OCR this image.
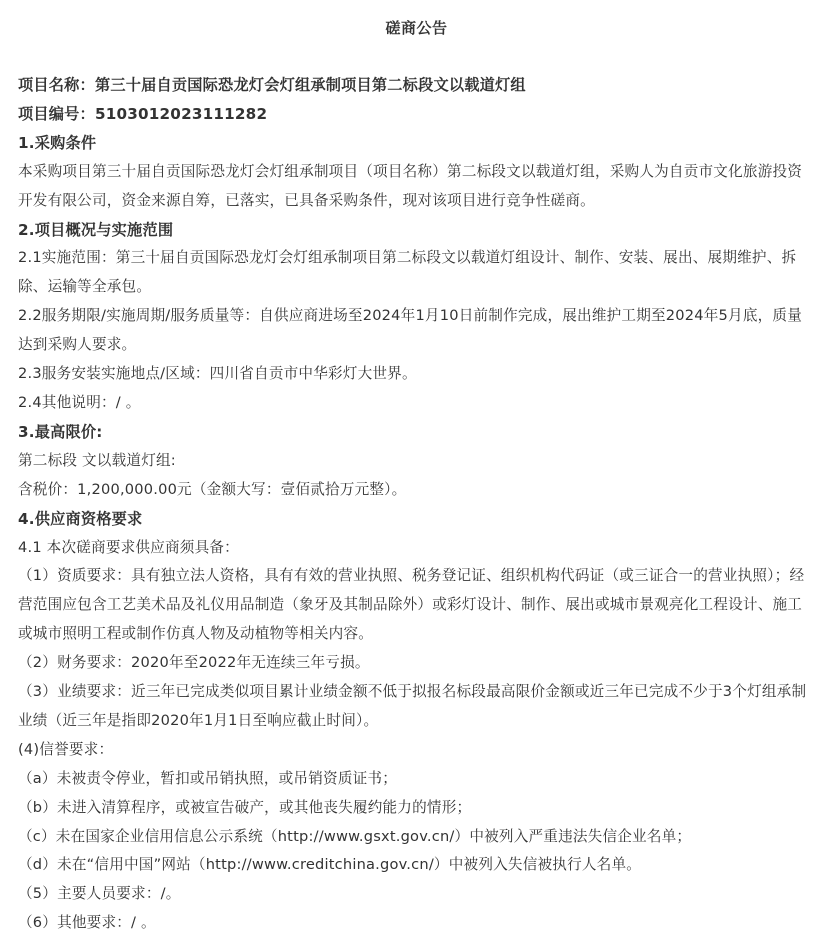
磋商公告
项目名称：第三十届自贡国际恐龙灯会灯组承制项目第二标段文以载道灯组
项目编号：510301202311128​2
1.采购条件
本采购项目第三十届自贡国际恐龙灯会灯组承制项目（项目名称）第二标段文以载道灯组，采购人为自贡市文化旅游投资开发有限公司，资金来源自筹，已落实，已具备采购条件，现对该项目进行竞争性磋商。
2.项目概况与实施范围
2.1实施范围：第三十届自贡国际恐龙灯会灯组承制项目第二标段文以载道灯组设计、制作、安装、展出、展期维护、拆除、运输等全承包。
2.2服务期限/实施周期/服务质量等：自供应商进场至2024年1月10日前制作完成，展出维护工期至2024年5月底，质量达到采购人要求。
2.3服务安装实施地点/区域：四川省自贡市中华彩灯大世界。
2.4其他说明：/ 。
3.最高限价:
第二标段 文以载道灯组:
含税价：1,200,000.00元（金额大写：壹佰贰拾万元整）。
4.供应商资格要求
4.1 本次磋商要求供应商须具备：
（1）资质要求：具有独立法人资格，具有有效的营业执照、税务登记证、组织机构代码证（或三证合一的营业执照）；经营范围应包含工艺美术品及礼仪用品制造（象牙及其制品除外）或彩灯设计、制作、展出或城市景观亮化工程设计、施工或城市照明工程或制作仿真人物及动植物等相关内容。
（2）财务要求：2020年至2022年无连续三年亏损。
（3）业绩要求：近三年已完成类似项目累计业绩金额不低于拟报名标段最高限价金额或近三年已完成不少于3个灯组承制业绩（近三年是指即2020年1月1日至响应截止时间）。
(4)信誉要求：
（a）未被责令停业，暂扣或吊销执照，或吊销资质证书；
（b）未进入清算程序，或被宣告破产，或其他丧失履约能力的情形；
（c）未在国家企业信用信息公示系统（http://www.gsxt.gov.cn/）中被列入严重违法失信企业名单；
（d）未在“信用中国”网站（http://www.creditchina.gov.cn/）中被列入失信被执行人名单。
（5）主要人员要求：/。
（6）其他要求：/ 。
